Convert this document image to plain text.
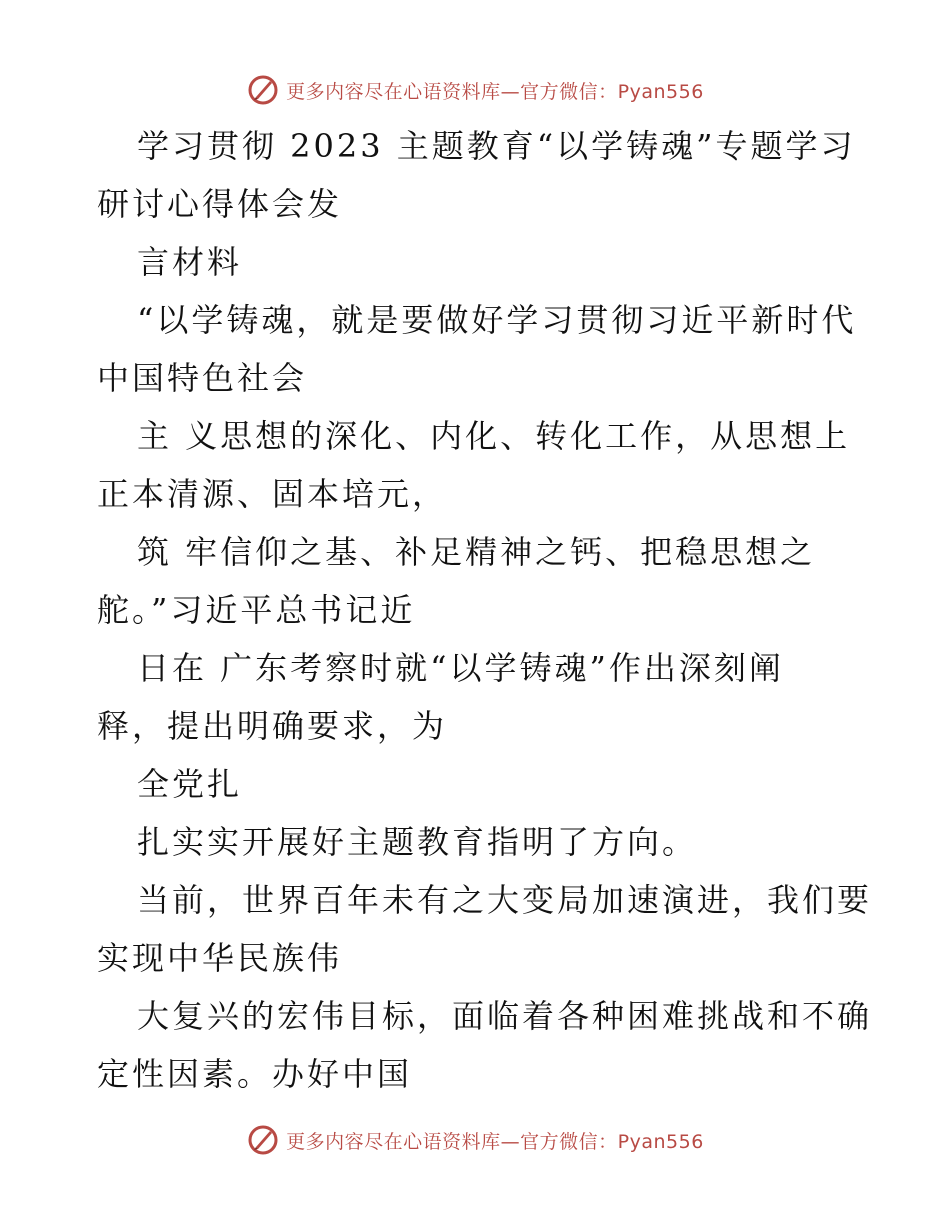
更多内容尽在心语资料库—官方微信：Pyan556
学习贯彻 2023 主题教育“以学铸魂”专题学习
研讨心得体会发
言材料
“以学铸魂，就是要做好学习贯彻习近平新时代
中国特色社会
主 义思想的深化、内化、转化工作，从思想上
正本清源、固本培元，
筑 牢信仰之基、补足精神之钙、把稳思想之
舵。”习近平总书记近
日在 广东考察时就“以学铸魂”作出深刻阐
释，提出明确要求，为
全党扎
扎实实开展好主题教育指明了方向。
当前，世界百年未有之大变局加速演进，我们要
实现中华民族伟
大复兴的宏伟目标，面临着各种困难挑战和不确
定性因素。办好中国
更多内容尽在心语资料库—官方微信：Pyan556
